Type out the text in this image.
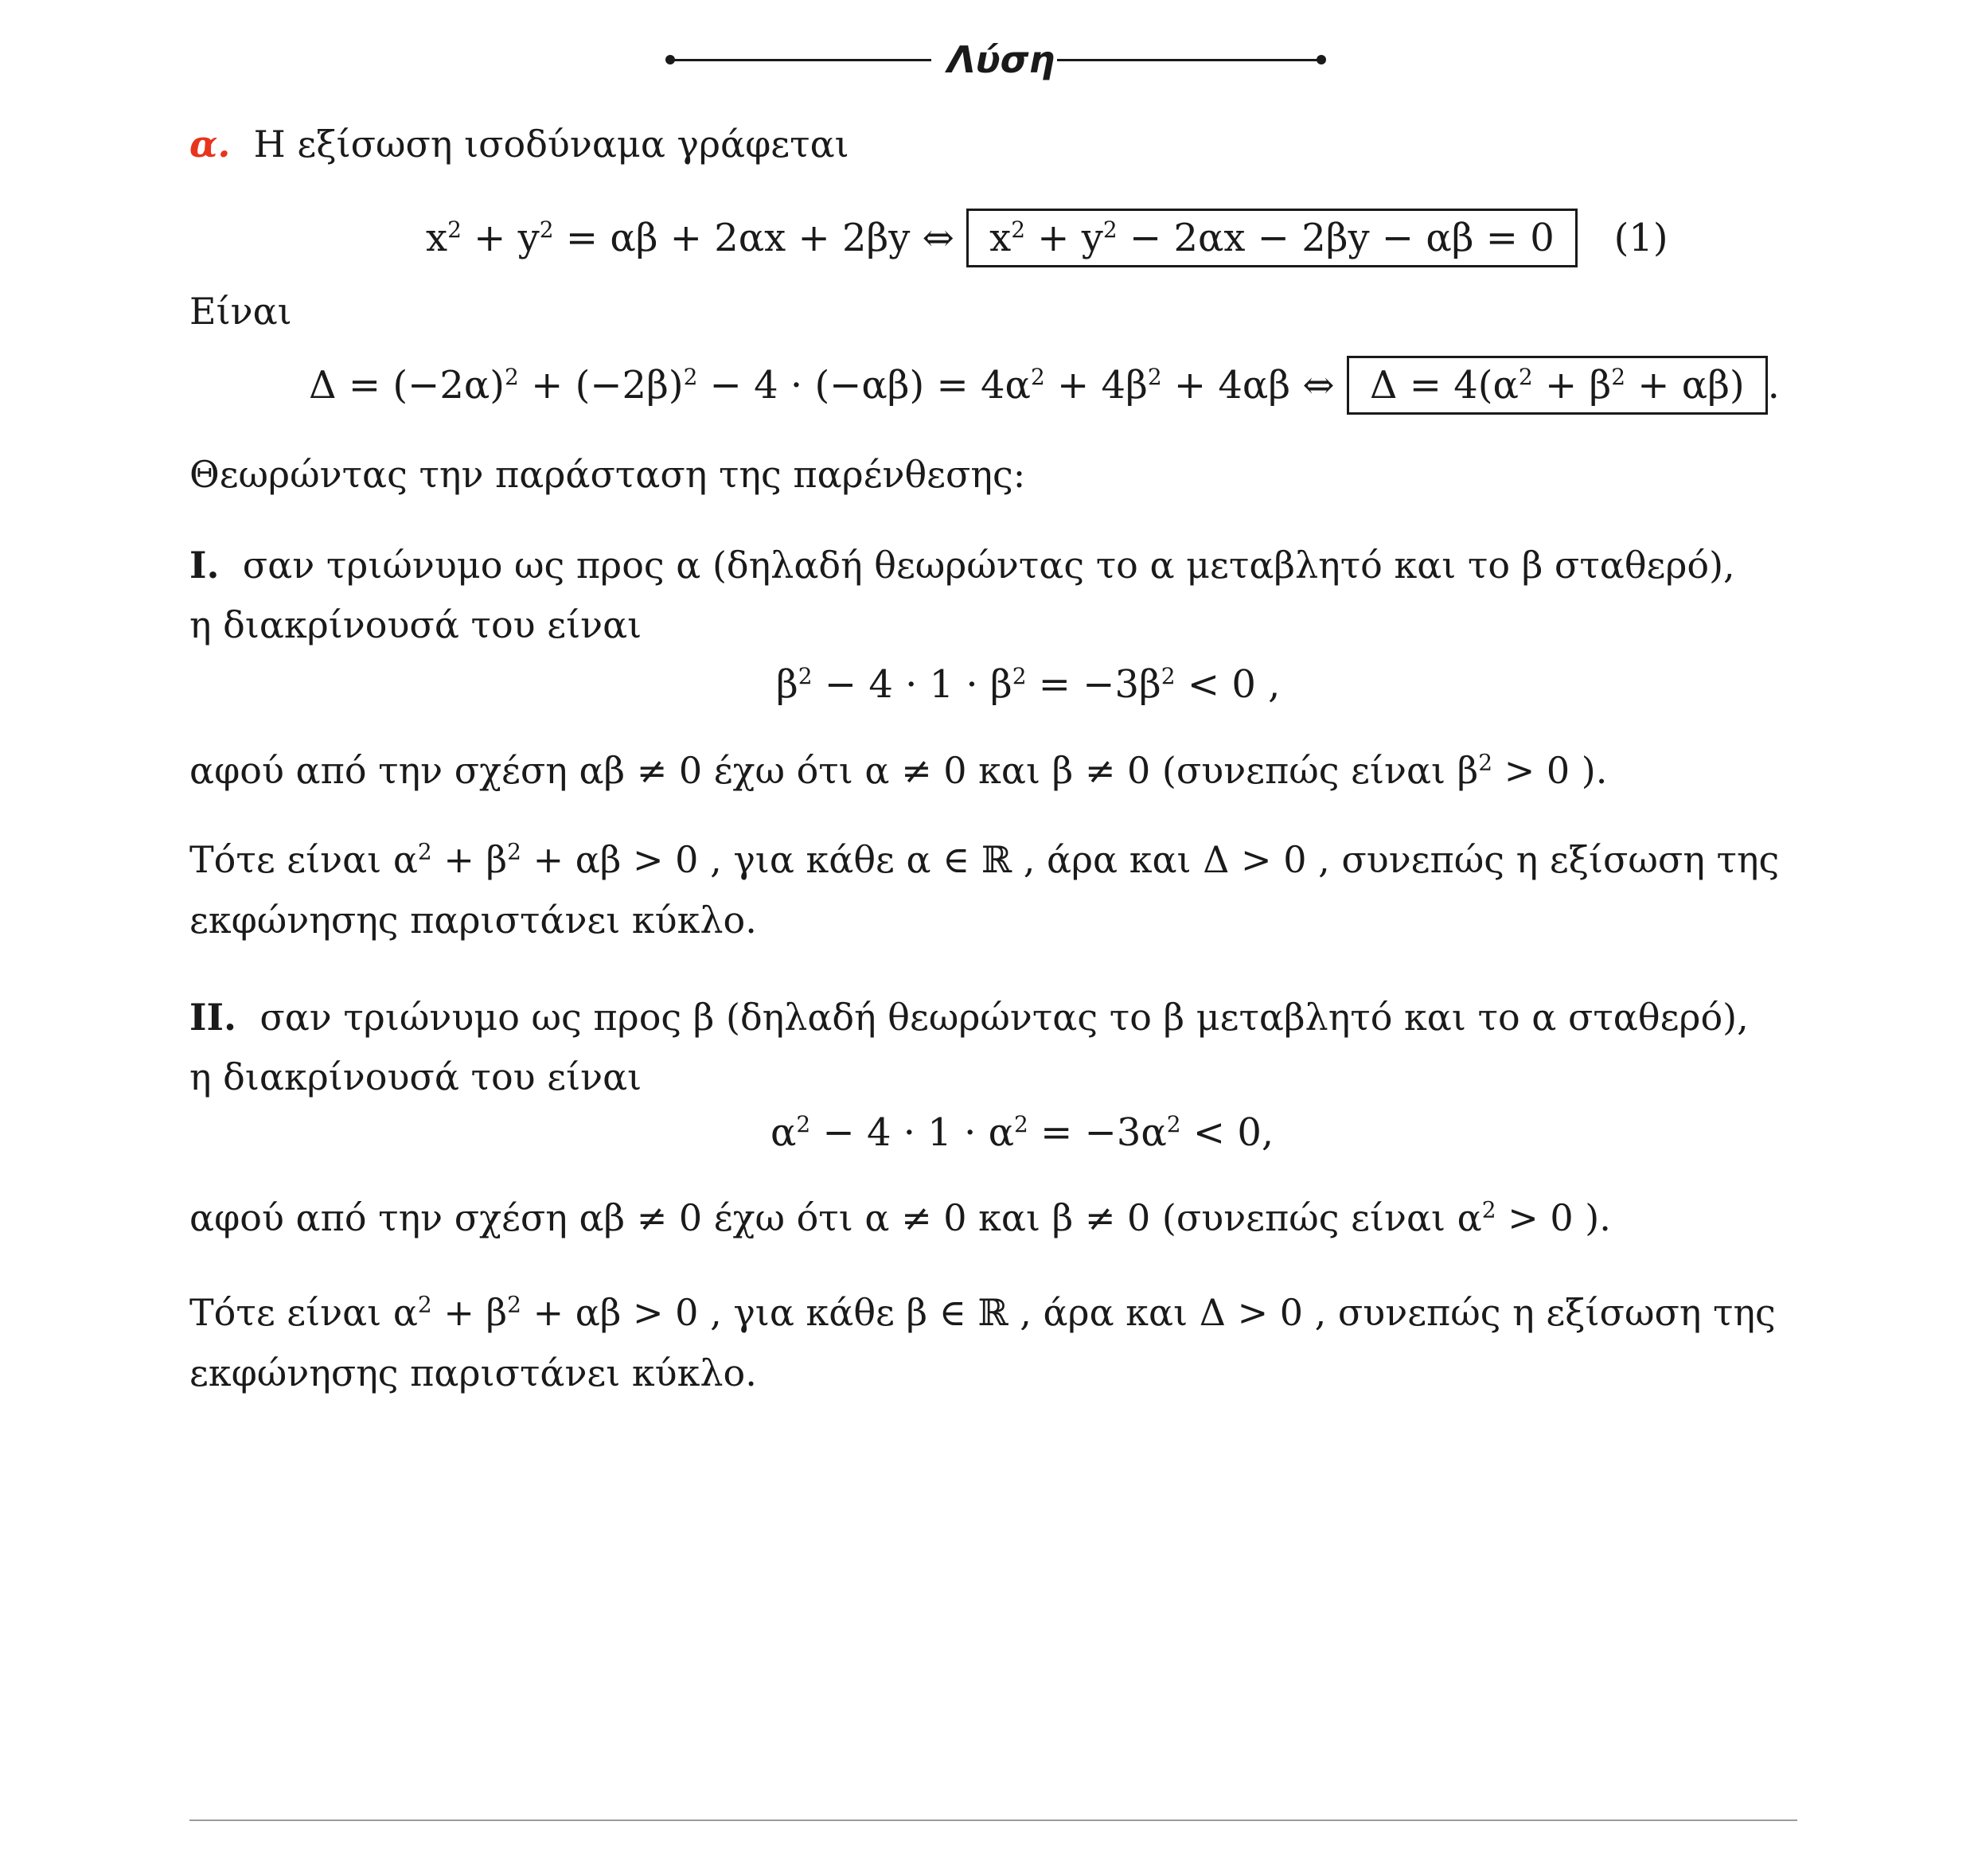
Λύση
α. Η εξίσωση ισοδύναμα γράφεται
$x^2 + y^2 = \alpha\beta + 2\alpha x + 2\beta y$ ⇔ $x^2 + y^2 - 2\alpha x - 2\beta y - \alpha\beta = 0$ (1)
Είναι
$\Delta = (-2\alpha)^2 + (-2\beta)^2 - 4 \cdot (-\alpha\beta) = 4\alpha^2 + 4\beta^2 + 4\alpha\beta$ ⇔ $\Delta = 4(\alpha^2 + \beta^2 + \alpha\beta)$ .
Θεωρώντας την παράσταση της παρένθεσης:
Ι. σαν τριώνυμο ως προς α (δηλαδή θεωρώντας το α μεταβλητό και το β σταθερό),
η διακρίνουσά του είναι
$\beta^2 - 4 \cdot 1 \cdot \beta^2 = -3\beta^2 < 0$ ,
αφού από την σχέση αβ ≠ 0 έχω ότι α ≠ 0 και β ≠ 0 (συνεπώς είναι $\beta^2 > 0$ ).
Τότε είναι $\alpha^2 + \beta^2 + \alpha\beta > 0$ , για κάθε α ∈ ℝ , άρα και Δ > 0 , συνεπώς η εξίσωση της
εκφώνησης παριστάνει κύκλο.
ΙΙ. σαν τριώνυμο ως προς β (δηλαδή θεωρώντας το β μεταβλητό και το α σταθερό),
η διακρίνουσά του είναι
$\alpha^2 - 4 \cdot 1 \cdot \alpha^2 = -3\alpha^2 < 0$,
αφού από την σχέση αβ ≠ 0 έχω ότι α ≠ 0 και β ≠ 0 (συνεπώς είναι $\alpha^2 > 0$ ).
Τότε είναι $\alpha^2 + \beta^2 + \alpha\beta > 0$ , για κάθε β ∈ ℝ , άρα και Δ > 0 , συνεπώς η εξίσωση της
εκφώνησης παριστάνει κύκλο.
